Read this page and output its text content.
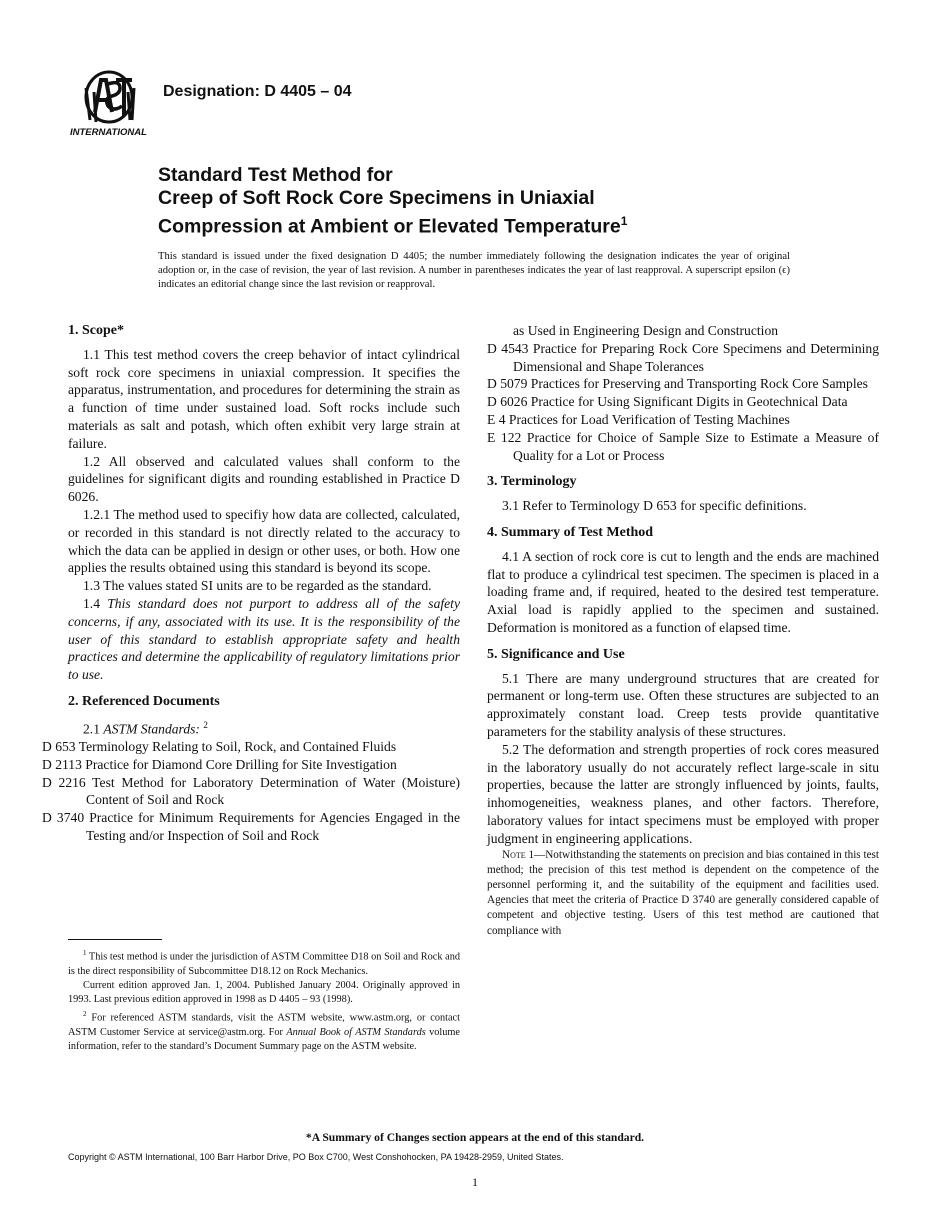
INTERNATIONAL
Designation: D 4405 – 04
Standard Test Method for
Creep of Soft Rock Core Specimens in Uniaxial
Compression at Ambient or Elevated Temperature$^1$
This standard is issued under the fixed designation D 4405; the number immediately following the designation indicates the year of original adoption or, in the case of revision, the year of last revision. A number in parentheses indicates the year of last reapproval. A superscript epsilon (ϵ) indicates an editorial change since the last revision or reapproval.
1. Scope*

1.1 This test method covers the creep behavior of intact cylindrical soft rock core specimens in uniaxial compression. It specifies the apparatus, instrumentation, and procedures for determining the strain as a function of time under sustained load. Soft rocks include such materials as salt and potash, which often exhibit very large strain at failure.

1.2 All observed and calculated values shall conform to the guidelines for significant digits and rounding established in Practice D 6026.

1.2.1 The method used to specifiy how data are collected, calculated, or recorded in this standard is not directly related to the accuracy to which the data can be applied in design or other uses, or both. How one applies the results obtained using this standard is beyond its scope.

1.3 The values stated SI units are to be regarded as the standard.

1.4 This standard does not purport to address all of the safety concerns, if any, associated with its use. It is the responsibility of the user of this standard to establish appropriate safety and health practices and determine the applicability of regulatory limitations prior to use.

2. Referenced Documents

2.1 ASTM Standards: $^2$

D 653 Terminology Relating to Soil, Rock, and Contained Fluids

D 2113 Practice for Diamond Core Drilling for Site Investigation

D 2216 Test Method for Laboratory Determination of Water (Moisture) Content of Soil and Rock

D 3740 Practice for Minimum Requirements for Agencies Engaged in the Testing and/or Inspection of Soil and Rock

as Used in Engineering Design and Construction

D 4543 Practice for Preparing Rock Core Specimens and Determining Dimensional and Shape Tolerances

D 5079 Practices for Preserving and Transporting Rock Core Samples

D 6026 Practice for Using Significant Digits in Geotechnical Data

E 4 Practices for Load Verification of Testing Machines

E 122 Practice for Choice of Sample Size to Estimate a Measure of Quality for a Lot or Process

3. Terminology

3.1 Refer to Terminology D 653 for specific definitions.

4. Summary of Test Method

4.1 A section of rock core is cut to length and the ends are machined flat to produce a cylindrical test specimen. The specimen is placed in a loading frame and, if required, heated to the desired test temperature. Axial load is rapidly applied to the specimen and sustained. Deformation is monitored as a function of elapsed time.

5. Significance and Use

5.1 There are many underground structures that are created for permanent or long-term use. Often these structures are subjected to an approximately constant load. Creep tests provide quantitative parameters for the stability analysis of these structures.

5.2 The deformation and strength properties of rock cores measured in the laboratory usually do not accurately reflect large-scale in situ properties, because the latter are strongly influenced by joints, faults, inhomogeneities, weakness planes, and other factors. Therefore, laboratory values for intact specimens must be employed with proper judgment in engineering applications.

Note 1—Notwithstanding the statements on precision and bias contained in this test method; the precision of this test method is dependent on the competence of the personnel performing it, and the suitability of the equipment and facilities used. Agencies that meet the criteria of Practice D 3740 are generally considered capable of competent and objective testing. Users of this test method are cautioned that compliance with

$^1$ This test method is under the jurisdiction of ASTM Committee D18 on Soil and Rock and is the direct responsibility of Subcommittee D18.12 on Rock Mechanics.

Current edition approved Jan. 1, 2004. Published January 2004. Originally approved in 1993. Last previous edition approved in 1998 as D 4405 – 93 (1998).

$^2$ For referenced ASTM standards, visit the ASTM website, www.astm.org, or contact ASTM Customer Service at service@astm.org. For Annual Book of ASTM Standards volume information, refer to the standard’s Document Summary page on the ASTM website.

*A Summary of Changes section appears at the end of this standard.
Copyright © ASTM International, 100 Barr Harbor Drive, PO Box C700, West Conshohocken, PA 19428-2959, United States.
1
